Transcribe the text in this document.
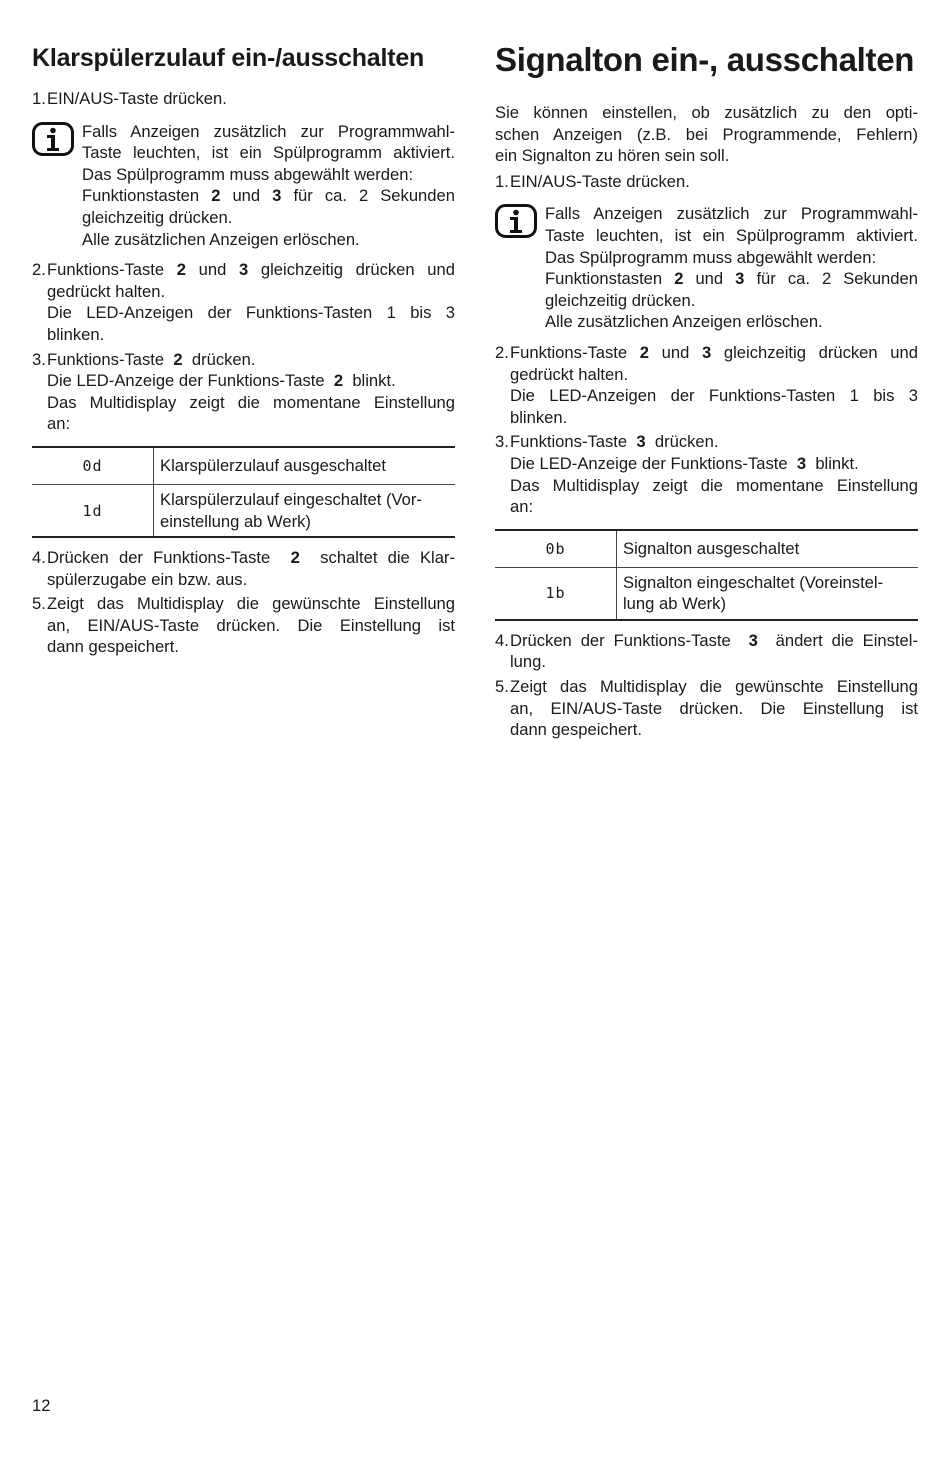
Klarspülerzulauf ein-/ausschalten
1. EIN/AUS-Taste drücken.
Falls Anzeigen zusätzlich zur Programmwahl-
Taste leuchten, ist ein Spülprogramm aktiviert.
Das Spülprogramm muss abgewählt werden:
Funktionstasten 2 und 3 für ca. 2 Sekunden
gleichzeitig drücken.
Alle zusätzlichen Anzeigen erlöschen.
2. Funktions-Taste 2 und 3 gleichzeitig drücken und
gedrückt halten.
Die LED-Anzeigen der Funktions-Tasten 1 bis 3
blinken.
3. Funktions-Taste 2 drücken.
Die LED-Anzeige der Funktions-Taste 2 blinkt.
Das Multidisplay zeigt die momentane Einstellung
an:
0d	Klarspülerzulauf ausgeschaltet
1d
Klarspülerzulauf eingeschaltet (Vor-
einstellung ab Werk)
4. Drücken der Funktions-Taste 2 schaltet die Klar-
spülerzugabe ein bzw. aus.
5. Zeigt das Multidisplay die gewünschte Einstellung
an, EIN/AUS-Taste drücken. Die Einstellung ist
dann gespeichert.
Signalton ein-, ausschalten
Sie können einstellen, ob zusätzlich zu den opti-
schen Anzeigen (z.B. bei Programmende, Fehlern)
ein Signalton zu hören sein soll.
1. EIN/AUS-Taste drücken.
Falls Anzeigen zusätzlich zur Programmwahl-
Taste leuchten, ist ein Spülprogramm aktiviert.
Das Spülprogramm muss abgewählt werden:
Funktionstasten 2 und 3 für ca. 2 Sekunden
gleichzeitig drücken.
Alle zusätzlichen Anzeigen erlöschen.
2. Funktions-Taste 2 und 3 gleichzeitig drücken und
gedrückt halten.
Die LED-Anzeigen der Funktions-Tasten 1 bis 3
blinken.
3. Funktions-Taste 3 drücken.
Die LED-Anzeige der Funktions-Taste 3 blinkt.
Das Multidisplay zeigt die momentane Einstellung
an:
0b	Signalton ausgeschaltet
1b
Signalton eingeschaltet (Voreinstel-
lung ab Werk)
4. Drücken der Funktions-Taste 3 ändert die Einstel-
lung.
5. Zeigt das Multidisplay die gewünschte Einstellung
an, EIN/AUS-Taste drücken. Die Einstellung ist
dann gespeichert.
12
